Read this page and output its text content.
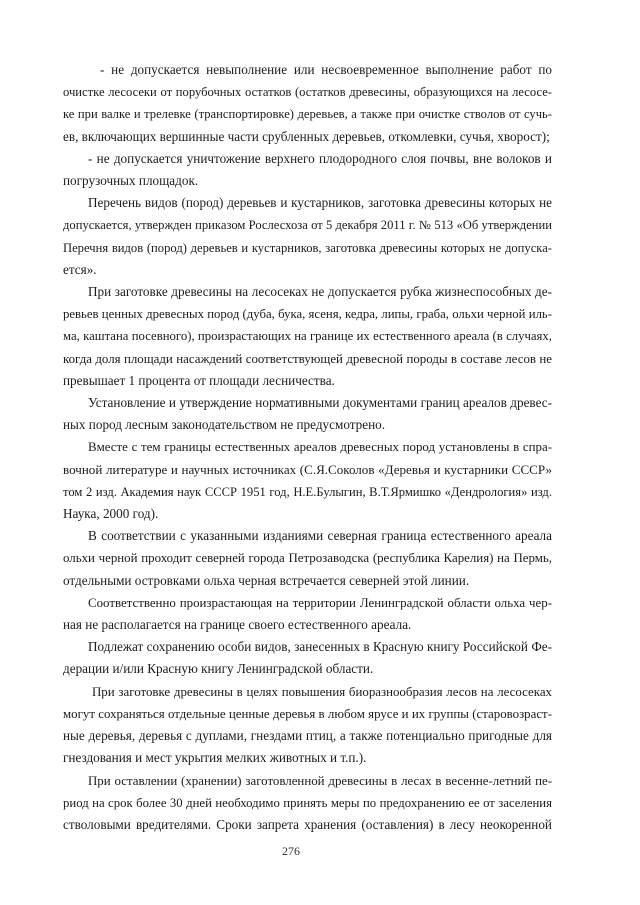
- не допускается невыполнение или несвоевременное выполнение работ по
очистке лесосеки от порубочных остатков (остатков древесины, образующихся на лесосе-
ке при валке и трелевке (транспортировке) деревьев, а также при очистке стволов от сучь-
ев, включающих вершинные части срубленных деревьев, откомлевки, сучья, хворост);
- не допускается уничтожение верхнего плодородного слоя почвы, вне волоков и
погрузочных площадок.
Перечень видов (пород) деревьев и кустарников, заготовка древесины которых не
допускается, утвержден приказом Рослесхоза от 5 декабря 2011 г. № 513 «Об утверждении
Перечня видов (пород) деревьев и кустарников, заготовка древесины которых не допуска-
ется».
При заготовке древесины на лесосеках не допускается рубка жизнеспособных де-
ревьев ценных древесных пород (дуба, бука, ясеня, кедра, липы, граба, ольхи черной иль-
ма, каштана посевного), произрастающих на границе их естественного ареала (в случаях,
когда доля площади насаждений соответствующей древесной породы в составе лесов не
превышает 1 процента от площади лесничества.
Установление и утверждение нормативными документами границ ареалов древес-
ных пород лесным законодательством не предусмотрено.
Вместе с тем границы естественных ареалов древесных пород установлены в спра-
вочной литературе и научных источниках (С.Я.Соколов «Деревья и кустарники СССР»
том 2 изд. Академия наук СССР 1951 год, Н.Е.Булыгин, В.Т.Ярмишко «Дендрология» изд.
Наука, 2000 год).
В соответствии с указанными изданиями северная граница естественного ареала
ольхи черной проходит северней города Петрозаводска (республика Карелия) на Пермь,
отдельными островками ольха черная встречается северней этой линии.
Соответственно произрастающая на территории Ленинградской области ольха чер-
ная не располагается на границе своего естественного ареала.
Подлежат сохранению особи видов, занесенных в Красную книгу Российской Фе-
дерации и/или Красную книгу Ленинградской области.
При заготовке древесины в целях повышения биоразнообразия лесов на лесосеках
могут сохраняться отдельные ценные деревья в любом ярусе и их группы (старовозраст-
ные деревья, деревья с дуплами, гнездами птиц, а также потенциально пригодные для
гнездования и мест укрытия мелких животных и т.п.).
При оставлении (хранении) заготовленной древесины в лесах в весенне-летний пе-
риод на срок более 30 дней необходимо принять меры по предохранению ее от заселения
стволовыми вредителями. Сроки запрета хранения (оставления) в лесу неокоренной
276
